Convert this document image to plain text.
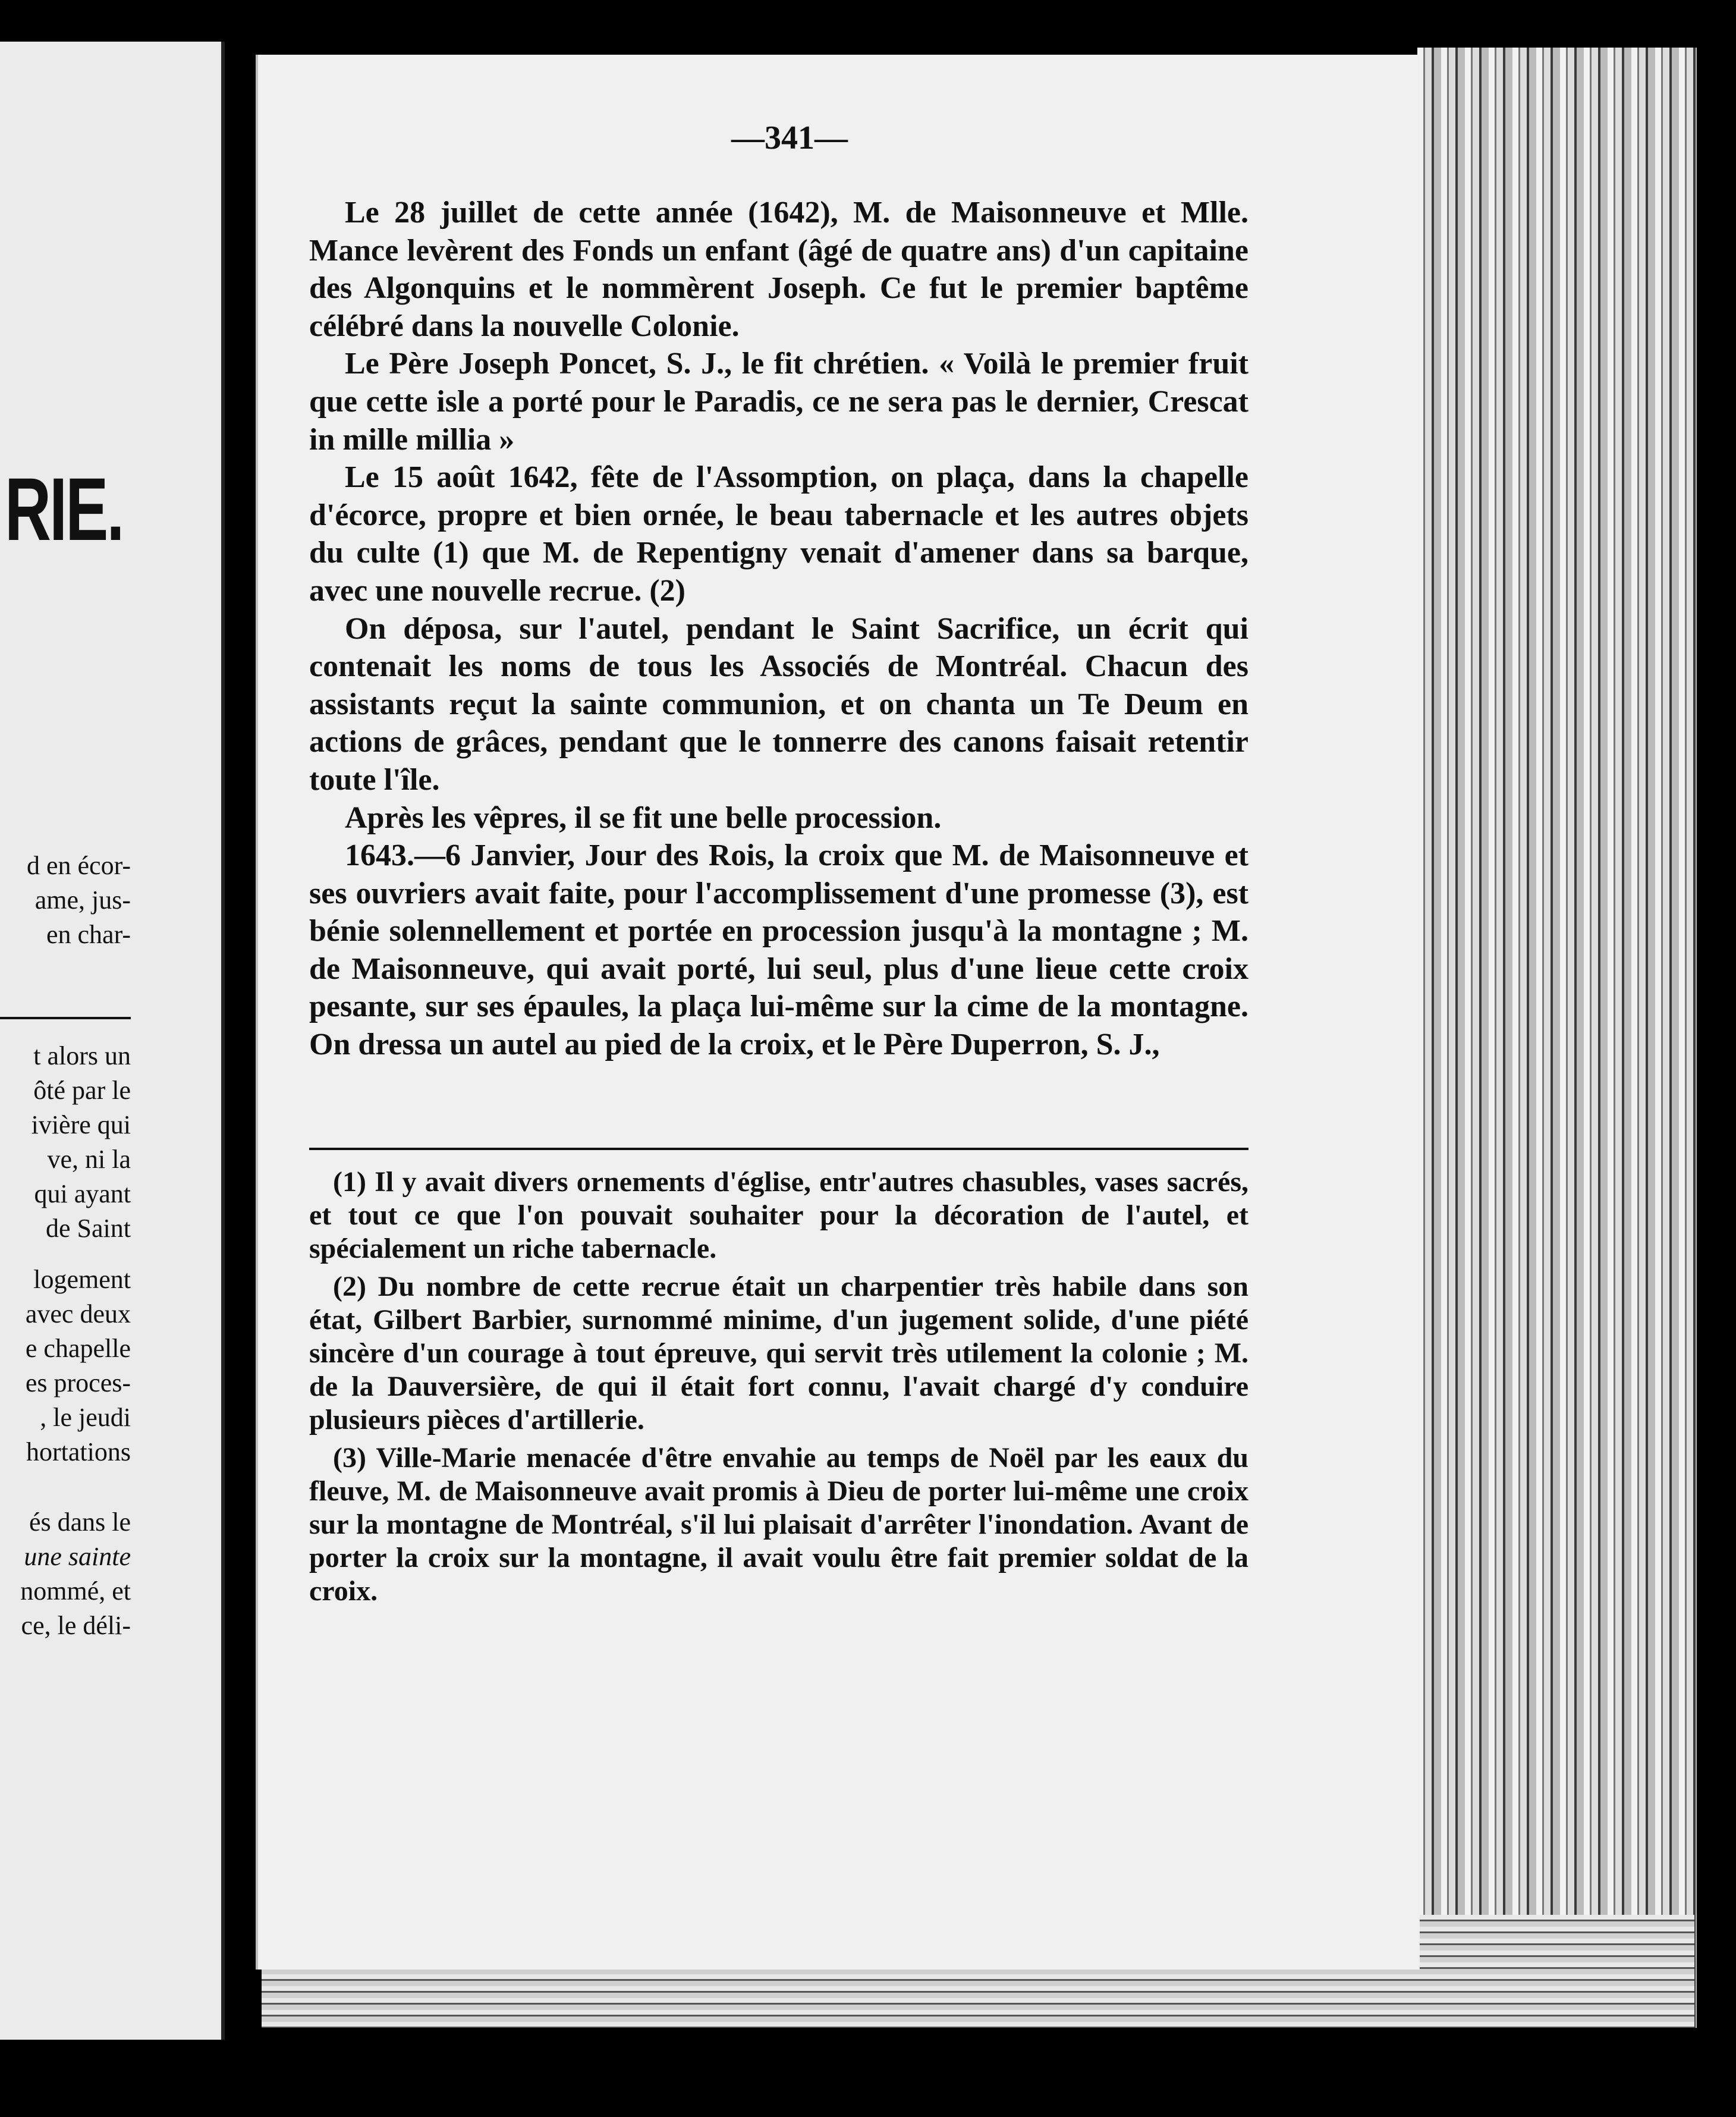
RIE.
d en écor-
ame, jus-
en char-
t alors un
ôté par le
ivière qui
ve, ni la
qui ayant
de Saint
logement
avec deux
e chapelle
es proces-
, le jeudi
hortations
és dans le
une sainte
nommé, et
ce, le déli-
—341—

Le 28 juillet de cette année (1642), M. de Maisonneuve et Mlle. Mance levèrent des Fonds un enfant (âgé de quatre ans) d'un capitaine des Algonquins et le nommèrent Joseph. Ce fut le premier baptême célébré dans la nouvelle Colonie.

Le Père Joseph Poncet, S. J., le fit chrétien. « Voilà le premier fruit que cette isle a porté pour le Paradis, ce ne sera pas le dernier, Crescat in mille millia »

Le 15 août 1642, fête de l'Assomption, on plaça, dans la chapelle d'écorce, propre et bien ornée, le beau tabernacle et les autres objets du culte (1) que M. de Repentigny venait d'amener dans sa barque, avec une nouvelle recrue. (2)

On déposa, sur l'autel, pendant le Saint Sacrifice, un écrit qui contenait les noms de tous les Associés de Montréal. Chacun des assistants reçut la sainte communion, et on chanta un Te Deum en actions de grâces, pendant que le tonnerre des canons faisait retentir toute l'île.

Après les vêpres, il se fit une belle procession.

1643.—6 Janvier, Jour des Rois, la croix que M. de Maisonneuve et ses ouvriers avait faite, pour l'accomplissement d'une promesse (3), est bénie solennellement et portée en procession jusqu'à la montagne ; M. de Maisonneuve, qui avait porté, lui seul, plus d'une lieue cette croix pesante, sur ses épaules, la plaça lui-même sur la cime de la montagne. On dressa un autel au pied de la croix, et le Père Duperron, S. J.,

(1) Il y avait divers ornements d'église, entr'autres chasubles, vases sacrés, et tout ce que l'on pouvait souhaiter pour la décoration de l'autel, et spécialement un riche tabernacle.

(2) Du nombre de cette recrue était un charpentier très habile dans son état, Gilbert Barbier, surnommé minime, d'un jugement solide, d'une piété sincère d'un courage à tout épreuve, qui servit très utilement la colonie ; M. de la Dauversière, de qui il était fort connu, l'avait chargé d'y conduire plusieurs pièces d'artillerie.

(3) Ville-Marie menacée d'être envahie au temps de Noël par les eaux du fleuve, M. de Maisonneuve avait promis à Dieu de porter lui-même une croix sur la montagne de Montréal, s'il lui plaisait d'arrêter l'inondation. Avant de porter la croix sur la montagne, il avait voulu être fait premier soldat de la croix.
